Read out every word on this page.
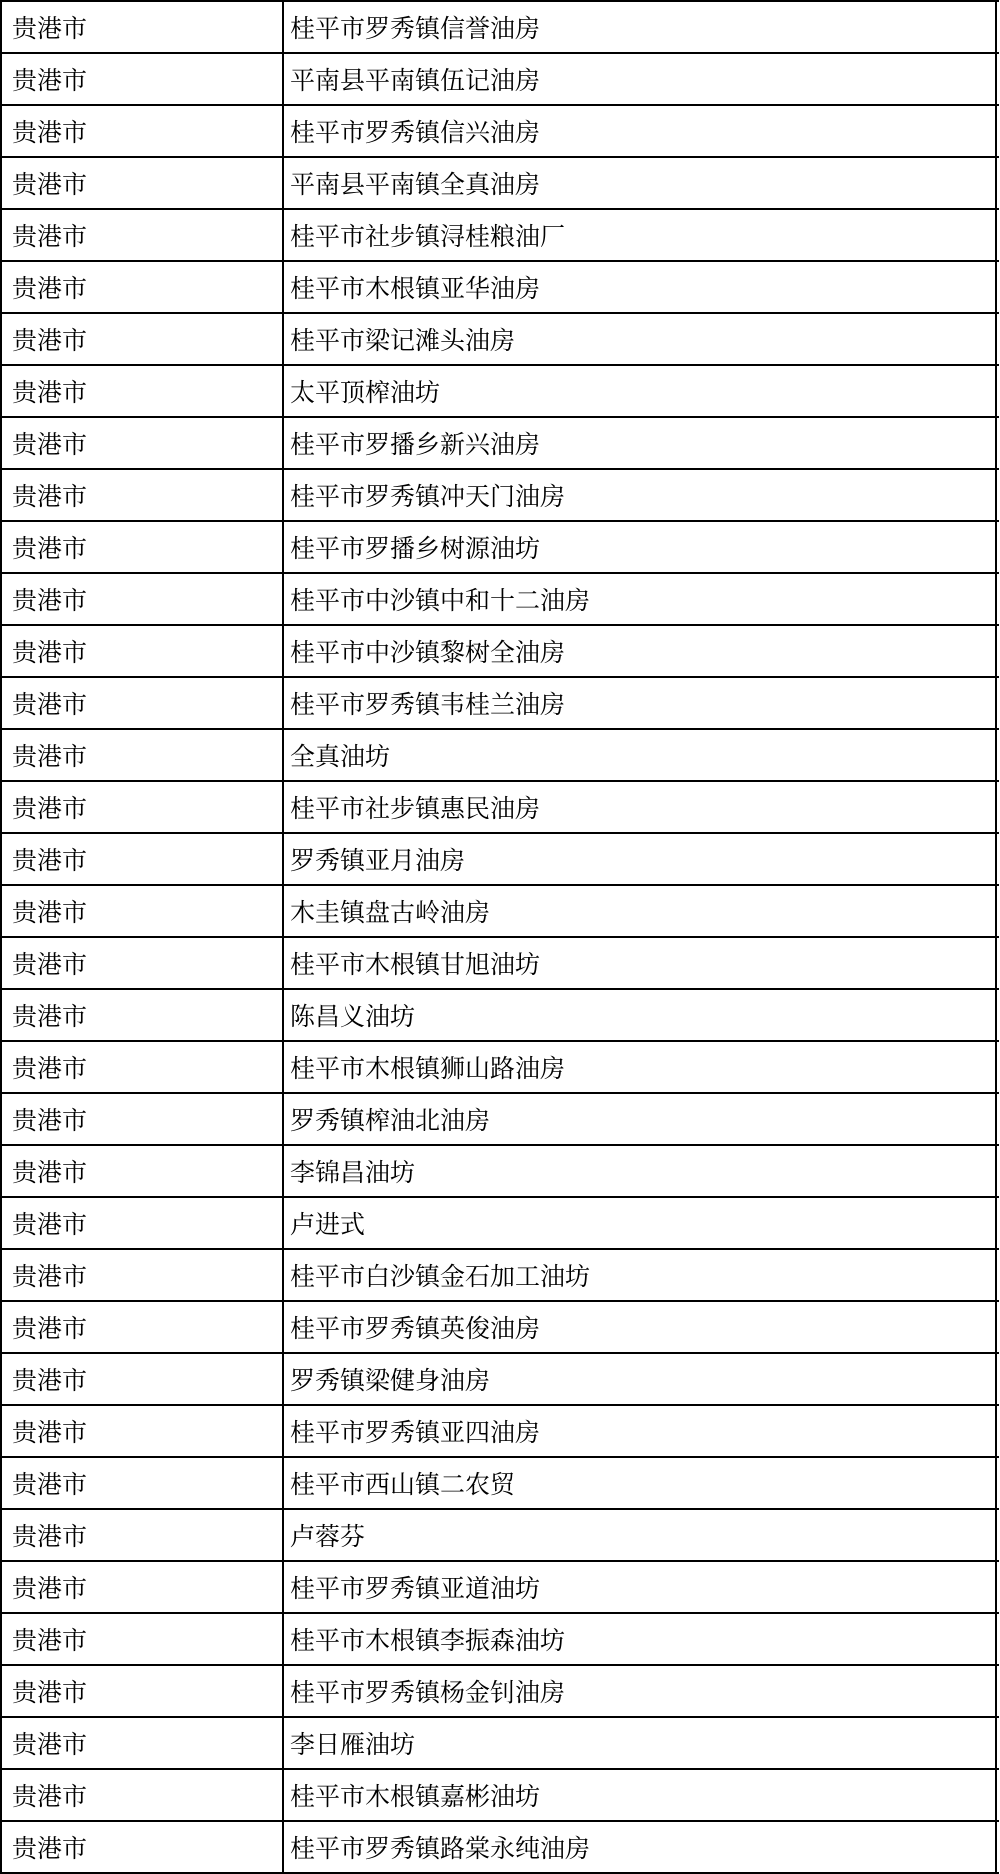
贵港市	桂平市罗秀镇信誉油房
贵港市	平南县平南镇伍记油房
贵港市	桂平市罗秀镇信兴油房
贵港市	平南县平南镇全真油房
贵港市	桂平市社步镇浔桂粮油厂
贵港市	桂平市木根镇亚华油房
贵港市	桂平市梁记滩头油房
贵港市	太平顶榨油坊
贵港市	桂平市罗播乡新兴油房
贵港市	桂平市罗秀镇冲天门油房
贵港市	桂平市罗播乡树源油坊
贵港市	桂平市中沙镇中和十二油房
贵港市	桂平市中沙镇黎树全油房
贵港市	桂平市罗秀镇韦桂兰油房
贵港市	全真油坊
贵港市	桂平市社步镇惠民油房
贵港市	罗秀镇亚月油房
贵港市	木圭镇盘古岭油房
贵港市	桂平市木根镇甘旭油坊
贵港市	陈昌义油坊
贵港市	桂平市木根镇狮山路油房
贵港市	罗秀镇榨油北油房
贵港市	李锦昌油坊
贵港市	卢进式
贵港市	桂平市白沙镇金石加工油坊
贵港市	桂平市罗秀镇英俊油房
贵港市	罗秀镇梁健身油房
贵港市	桂平市罗秀镇亚四油房
贵港市	桂平市西山镇二农贸
贵港市	卢蓉芬
贵港市	桂平市罗秀镇亚道油坊
贵港市	桂平市木根镇李振森油坊
贵港市	桂平市罗秀镇杨金钊油房
贵港市	李日雁油坊
贵港市	桂平市木根镇嘉彬油坊
贵港市	桂平市罗秀镇路棠永纯油房
